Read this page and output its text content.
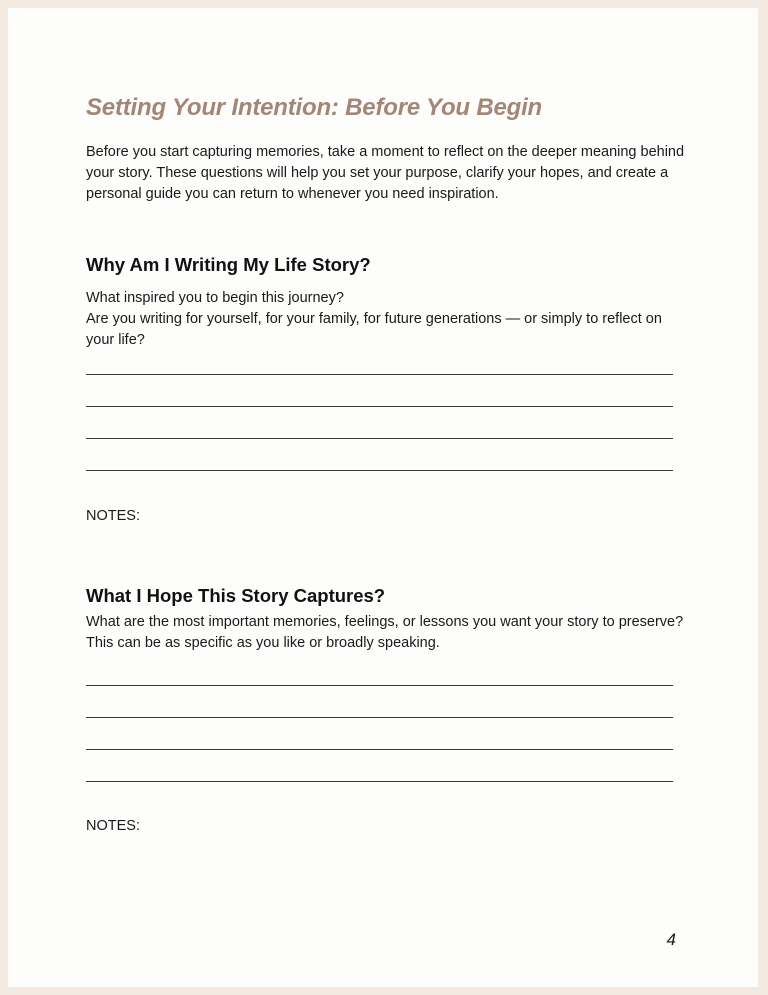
Setting Your Intention: Before You Begin

Before you start capturing memories, take a moment to reflect on the deeper meaning behind your story. These questions will help you set your purpose, clarify your hopes, and create a personal guide you can return to whenever you need inspiration.

Why Am I Writing My Life Story?

What inspired you to begin this journey?
Are you writing for yourself, for your family, for future generations — or simply to reflect on your life?

NOTES:

What I Hope This Story Captures?

What are the most important memories, feelings, or lessons you want your story to preserve? This can be as specific as you like or broadly speaking.

NOTES:

4
